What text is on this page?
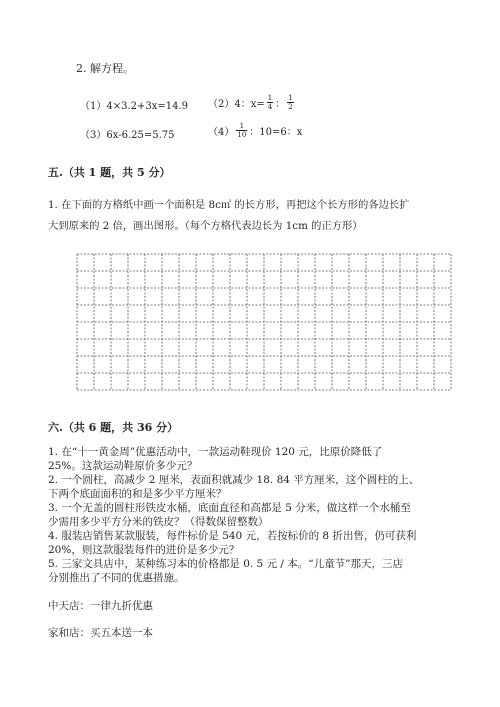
2. 解方程。
（1）4×3.2+3x=14.9 （2）4：$x= \frac{1}{4}$ ： $\frac{1}{2}$
（3）6x-6.25=5.75	$(4) \frac{1}{10}$ ：10=6：x
五.（共 1 题，共 5 分）
1. 在下面的方格纸中画一个面积是 8c㎡ 的长方形，再把这个长方形的各边长扩
大到原来的 2 倍，画出图形。（每个方格代表边长为 1cm 的正方形）
六.（共 6 题，共 36 分）
1. 在“十一黄金周”优惠活动中，一款运动鞋现价 120 元，比原价降低了
25%。这款运动鞋原价多少元？
2. 一个圆柱，高减少 2 厘米，表面积就减少 18. 84 平方厘米，这个圆柱的上、
下两个底面面积的和是多少平方厘米？
3. 一个无盖的圆柱形铁皮水桶，底面直径和高都是 5 分米，做这样一个水桶至
少需用多少平方分米的铁皮？（得数保留整数）
4. 服装店销售某款服装，每件标价是 540 元，若按标价的 8 折出售，仍可获利
20%，则这款服装每件的进价是多少元？
5. 三家文具店中，某种练习本的价格都是 0. 5 元 / 本。“儿童节”那天，三店
分别推出了不同的优惠措施。
中天店：一律九折优惠
家和店：买五本送一本
